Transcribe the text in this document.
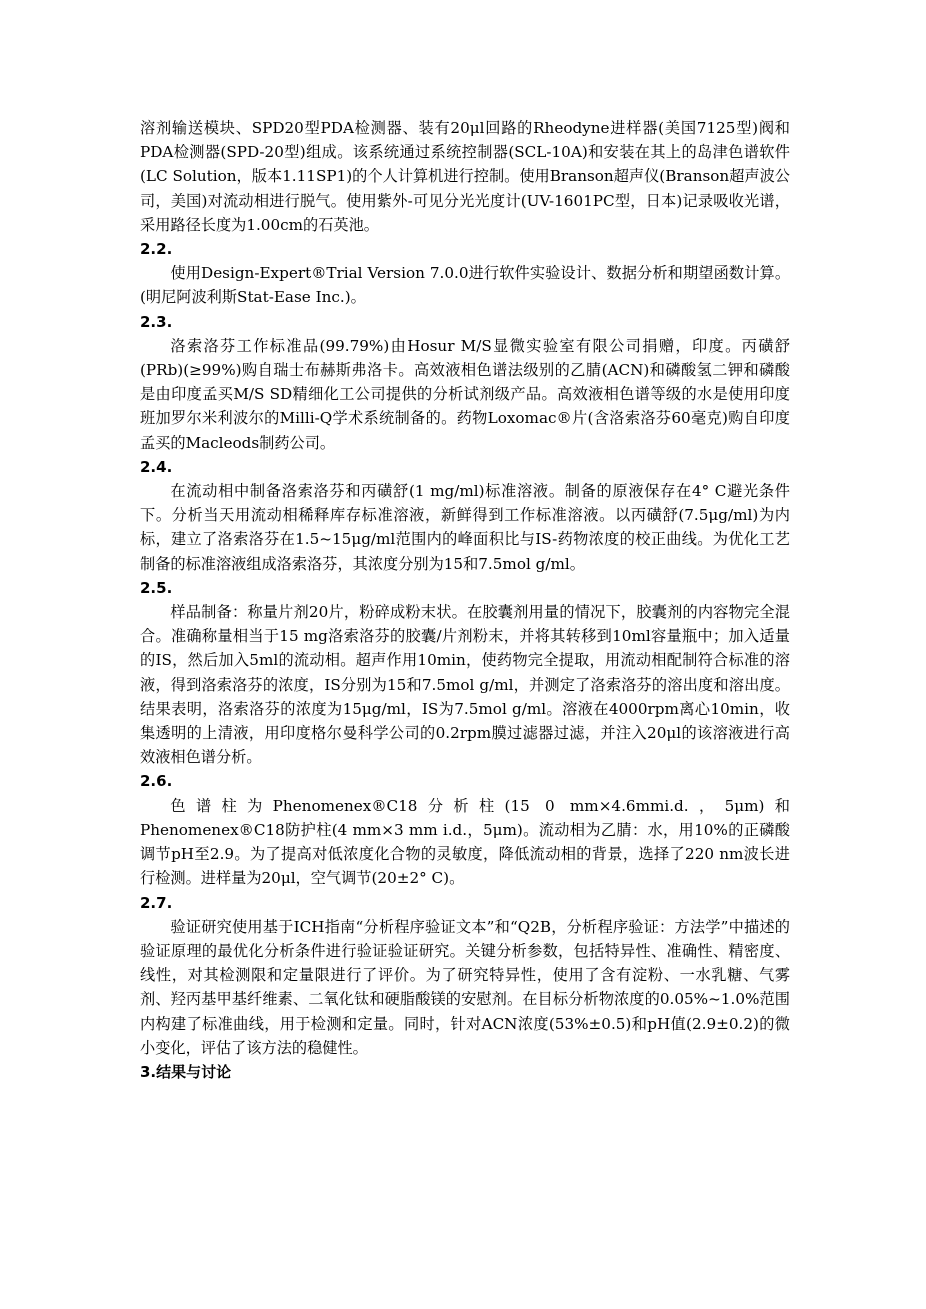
溶剂输送模块、SPD20型PDA检测器、装有20μl回路的Rheodyne进样器(美国7125型)阀和PDA检测器(SPD-20型)组成。该系统通过系统控制器(SCL-10A)和安装在其上的岛津色谱软件(LC Solution，版本1.11SP1)的个人计算机进行控制。使用Branson超声仪(Branson超声波公司，美国)对流动相进行脱气。使用紫外-可见分光光度计(UV-1601PC型，日本)记录吸收光谱，采用路径长度为1.00cm的石英池。

2.2.

使用Design-Expert®Trial Version 7.0.0进行软件实验设计、数据分析和期望函数计算。(明尼阿波利斯Stat-Ease Inc.)。

2.3.

洛索洛芬工作标准品(99.79%)由Hosur M/S显微实验室有限公司捐赠，印度。丙磺舒(PRb)(≥99%)购自瑞士布赫斯弗洛卡。高效液相色谱法级别的乙腈(ACN)和磷酸氢二钾和磷酸是由印度孟买M/S SD精细化工公司提供的分析试剂级产品。高效液相色谱等级的水是使用印度班加罗尔米利波尔的Milli-Q学术系统制备的。药物Loxomac®片(含洛索洛芬60毫克)购自印度孟买的Macleods制药公司。

2.4.

在流动相中制备洛索洛芬和丙磺舒(1 mg/ml)标准溶液。制备的原液保存在4° C避光条件下。分析当天用流动相稀释库存标准溶液，新鲜得到工作标准溶液。以丙磺舒(7.5μg/ml)为内标，建立了洛索洛芬在1.5~15μg/ml范围内的峰面积比与IS-药物浓度的校正曲线。为优化工艺制备的标准溶液组成洛索洛芬，其浓度分别为15和7.5mol g/ml。

2.5.

样品制备：称量片剂20片，粉碎成粉末状。在胶囊剂用量的情况下，胶囊剂的内容物完全混合。准确称量相当于15 mg洛索洛芬的胶囊/片剂粉末，并将其转移到10ml容量瓶中；加入适量的IS，然后加入5ml的流动相。超声作用10min，使药物完全提取，用流动相配制符合标准的溶液，得到洛索洛芬的浓度，IS分别为15和7.5mol g/ml，并测定了洛索洛芬的溶出度和溶出度。结果表明，洛索洛芬的浓度为15μg/ml，IS为7.5mol g/ml。溶液在4000rpm离心10min，收集透明的上清液，用印度格尔曼科学公司的0.2rpm膜过滤器过滤，并注入20μl的该溶液进行高效液相色谱分析。

2.6.

色谱柱为Phenomenex®C18分析柱(15 0 mm×4.6mmi.d.，5μm)和Phenomenex®C18防护柱(4 mm×3 mm i.d.，5μm)。流动相为乙腈：水，用10%的正磷酸调节pH至2.9。为了提高对低浓度化合物的灵敏度，降低流动相的背景，选择了220 nm波长进行检测。进样量为20μl，空气调节(20±2° C)。

2.7.

验证研究使用基于ICH指南“分析程序验证文本”和“Q2B，分析程序验证：方法学”中描述的验证原理的最优化分析条件进行验证验证研究。关键分析参数，包括特异性、准确性、精密度、线性，对其检测限和定量限进行了评价。为了研究特异性，使用了含有淀粉、一水乳糖、气雾剂、羟丙基甲基纤维素、二氧化钛和硬脂酸镁的安慰剂。在目标分析物浓度的0.05%~1.0%范围内构建了标准曲线，用于检测和定量。同时，针对ACN浓度(53%±0.5)和pH值(2.9±0.2)的微小变化，评估了该方法的稳健性。

3.结果与讨论
